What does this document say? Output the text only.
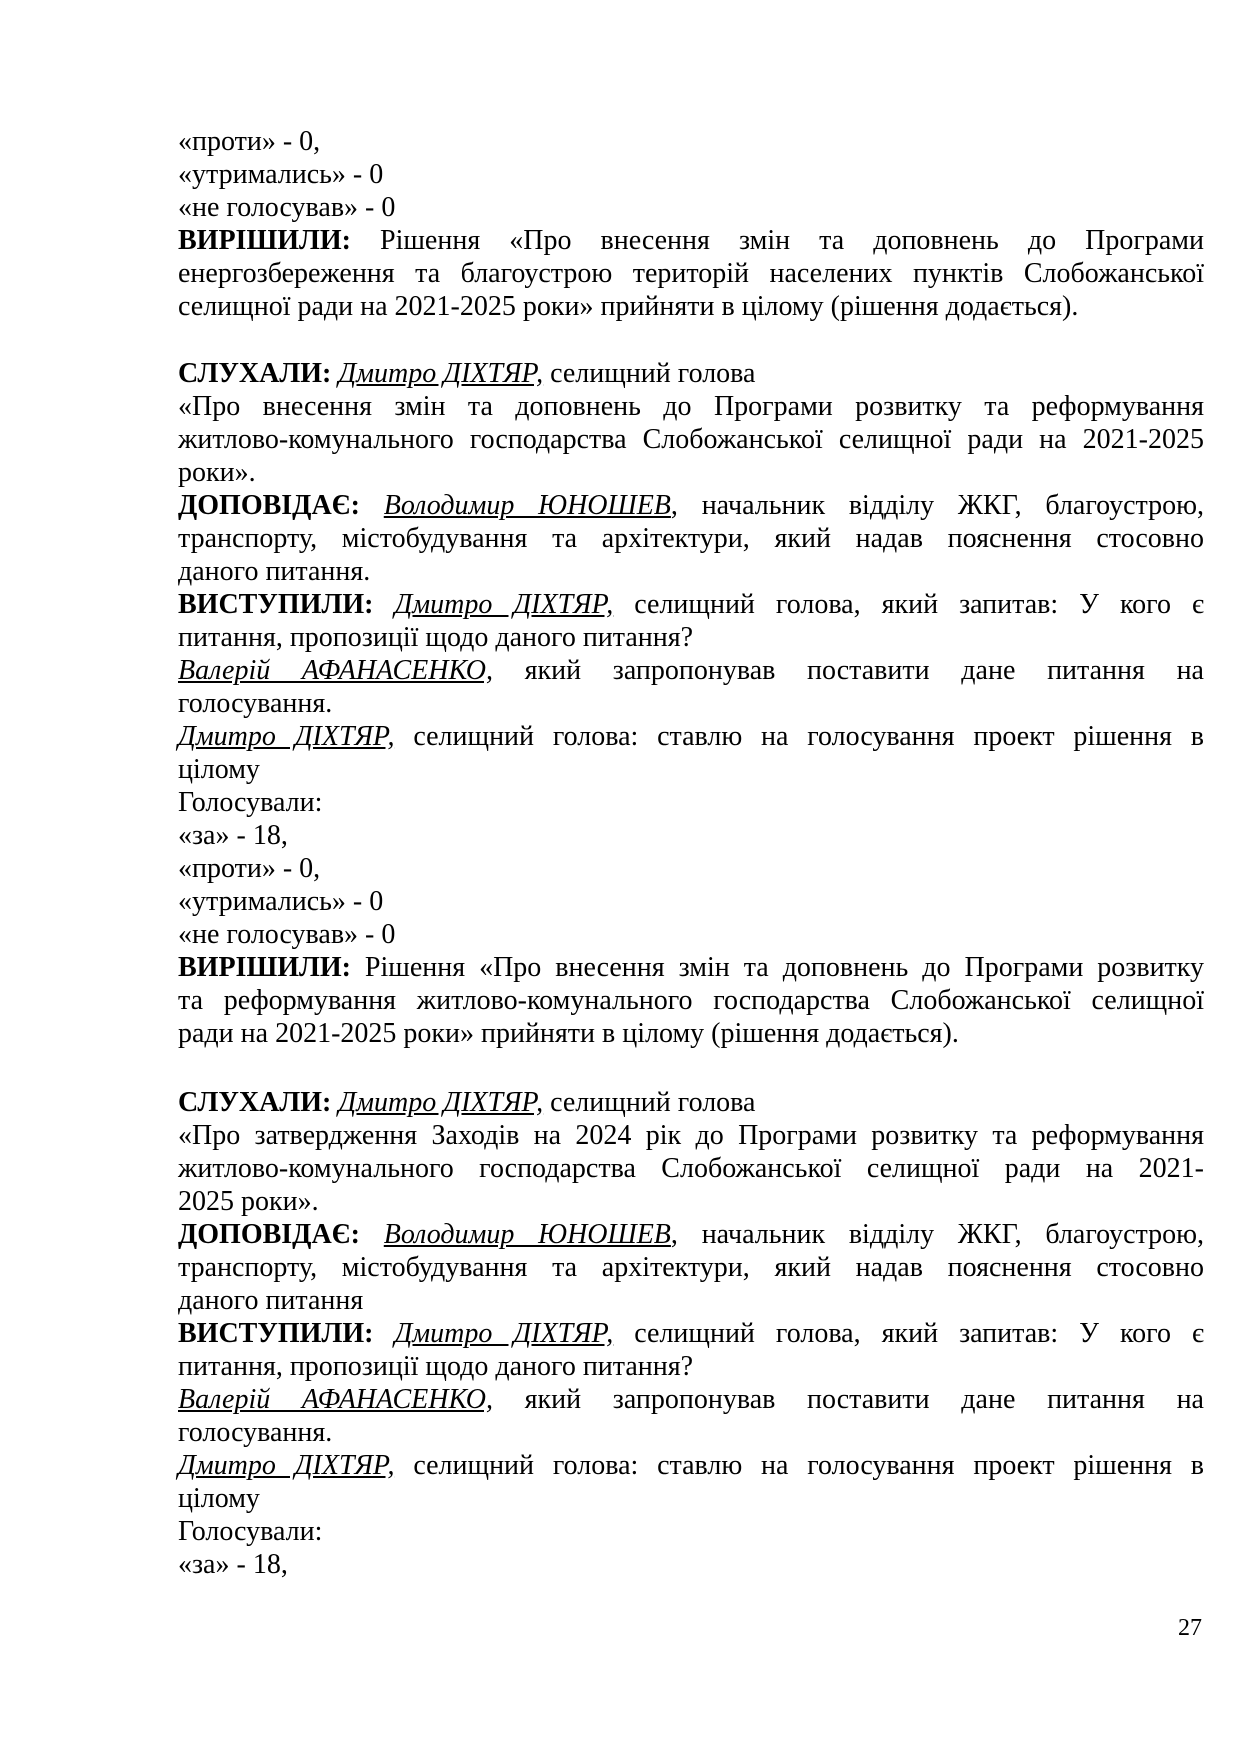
«проти» - 0,
«утримались» - 0
«не голосував» - 0
ВИРІШИЛИ: Рішення «Про внесення змін та доповнень до Програми
енергозбереження та благоустрою територій населених пунктів Слобожанської
селищної ради на 2021-2025 роки» прийняти в цілому (рішення додається).
СЛУХАЛИ: Дмитро ДІХТЯР, селищний голова
«Про внесення змін та доповнень до Програми розвитку та реформування
житлово-комунального господарства Слобожанської селищної ради на 2021-2025
роки».
ДОПОВІДАЄ: Володимир ЮНОШЕВ, начальник відділу ЖКГ, благоустрою,
транспорту, містобудування та архітектури, який надав пояснення стосовно
даного питання.
ВИСТУПИЛИ: Дмитро ДІХТЯР, селищний голова, який запитав: У кого є
питання, пропозиції щодо даного питання?
Валерій АФАНАСЕНКО, який запропонував поставити дане питання на
голосування.
Дмитро ДІХТЯР, селищний голова: ставлю на голосування проект рішення в
цілому
Голосували:
«за» - 18,
«проти» - 0,
«утримались» - 0
«не голосував» - 0
ВИРІШИЛИ: Рішення «Про внесення змін та доповнень до Програми розвитку
та реформування житлово-комунального господарства Слобожанської селищної
ради на 2021-2025 роки» прийняти в цілому (рішення додається).
СЛУХАЛИ: Дмитро ДІХТЯР, селищний голова
«Про затвердження Заходів на 2024 рік до Програми розвитку та реформування
житлово-комунального господарства Слобожанської селищної ради на 2021-
2025 роки».
ДОПОВІДАЄ: Володимир ЮНОШЕВ, начальник відділу ЖКГ, благоустрою,
транспорту, містобудування та архітектури, який надав пояснення стосовно
даного питання
ВИСТУПИЛИ: Дмитро ДІХТЯР, селищний голова, який запитав: У кого є
питання, пропозиції щодо даного питання?
Валерій АФАНАСЕНКО, який запропонував поставити дане питання на
голосування.
Дмитро ДІХТЯР, селищний голова: ставлю на голосування проект рішення в
цілому
Голосували:
«за» - 18,
27
